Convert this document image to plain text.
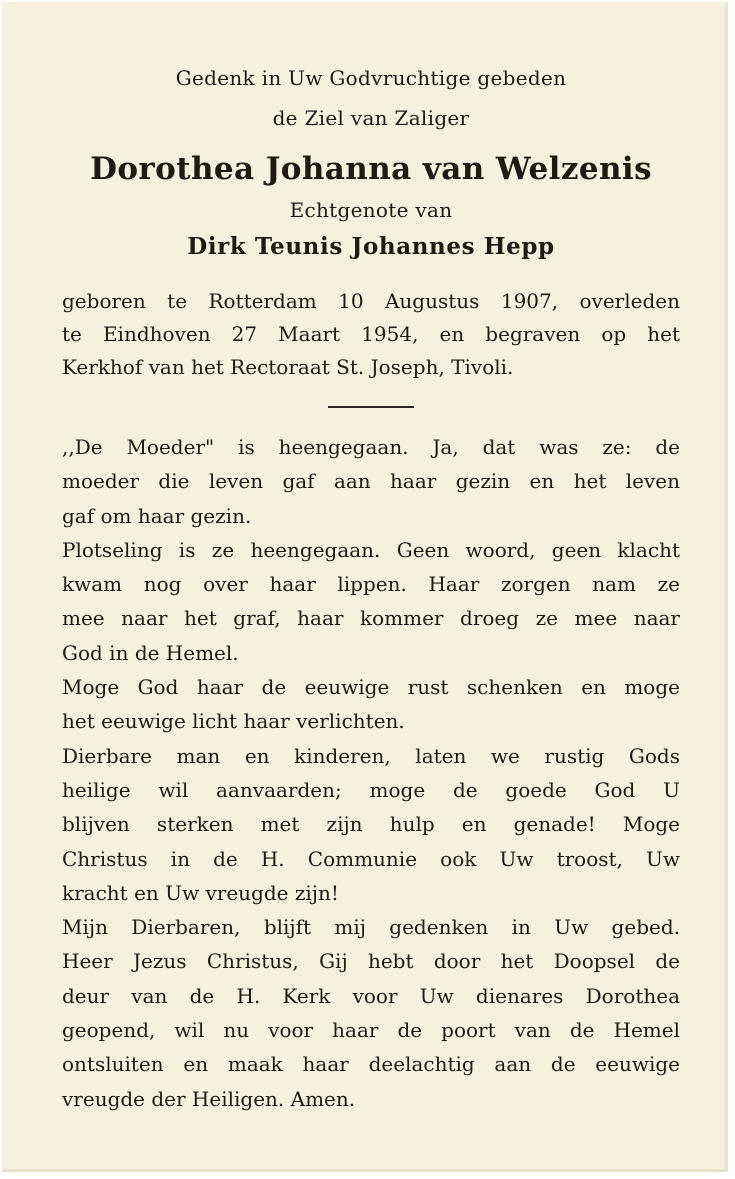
Gedenk in Uw Godvruchtige gebeden
de Ziel van Zaliger
Dorothea Johanna van Welzenis
Echtgenote van
Dirk Teunis Johannes Hepp
geboren te Rotterdam 10 Augustus 1907, overleden
te Eindhoven 27 Maart 1954, en begraven op het
Kerkhof van het Rectoraat St. Joseph, Tivoli.
,,De Moeder" is heengegaan. Ja, dat was ze: de
moeder die leven gaf aan haar gezin en het leven
gaf om haar gezin.
Plotseling is ze heengegaan. Geen woord, geen klacht
kwam nog over haar lippen. Haar zorgen nam ze
mee naar het graf, haar kommer droeg ze mee naar
God in de Hemel.
Moge God haar de eeuwige rust schenken en moge
het eeuwige licht haar verlichten.
Dierbare man en kinderen, laten we rustig Gods
heilige wil aanvaarden; moge de goede God U
blijven sterken met zijn hulp en genade! Moge
Christus in de H. Communie ook Uw troost, Uw
kracht en Uw vreugde zijn!
Mijn Dierbaren, blijft mij gedenken in Uw gebed.
Heer Jezus Christus, Gij hebt door het Doopsel de
deur van de H. Kerk voor Uw dienares Dorothea
geopend, wil nu voor haar de poort van de Hemel
ontsluiten en maak haar deelachtig aan de eeuwige
vreugde der Heiligen. Amen.
